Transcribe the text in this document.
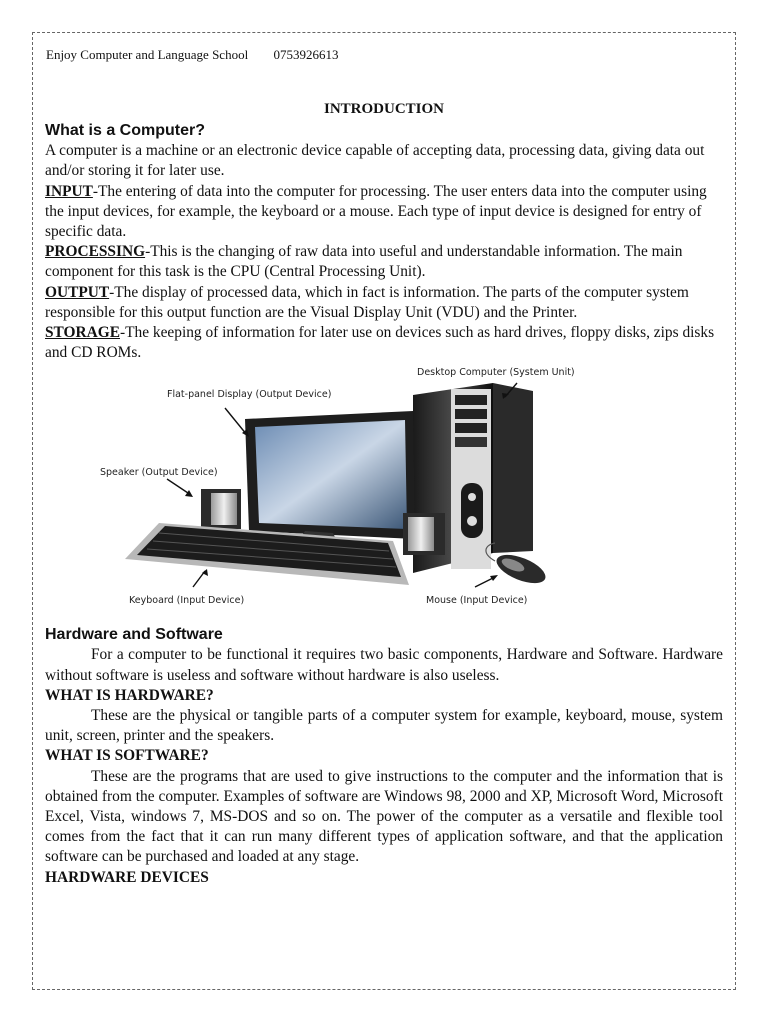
Enjoy Computer and Language School 0753926613
INTRODUCTION
What is a Computer?

A computer is a machine or an electronic device capable of accepting data, processing data, giving data out and/or storing it for later use.

INPUT-The entering of data into the computer for processing. The user enters data into the computer using the input devices, for example, the keyboard or a mouse. Each type of input device is designed for entry of specific data.

PROCESSING-This is the changing of raw data into useful and understandable information. The main component for this task is the CPU (Central Processing Unit).

OUTPUT-The display of processed data, which in fact is information. The parts of the computer system responsible for this output function are the Visual Display Unit (VDU) and the Printer.

STORAGE-The keeping of information for later use on devices such as hard drives, floppy disks, zips disks and CD ROMs.

Desktop Computer (System Unit)
Flat-panel Display (Output Device)
Speaker (Output Device)
Keyboard (Input Device)	Mouse (Input Device)
Hardware and Software

For a computer to be functional it requires two basic components, Hardware and Software. Hardware without software is useless and software without hardware is also useless.

WHAT IS HARDWARE?

These are the physical or tangible parts of a computer system for example, keyboard, mouse, system unit, screen, printer and the speakers.

WHAT IS SOFTWARE?

These are the programs that are used to give instructions to the computer and the information that is obtained from the computer. Examples of software are Windows 98, 2000 and XP, Microsoft Word, Microsoft Excel, Vista, windows 7, MS-DOS and so on. The power of the computer as a versatile and flexible tool comes from the fact that it can run many different types of application software, and that the application software can be purchased and loaded at any stage.

HARDWARE DEVICES
